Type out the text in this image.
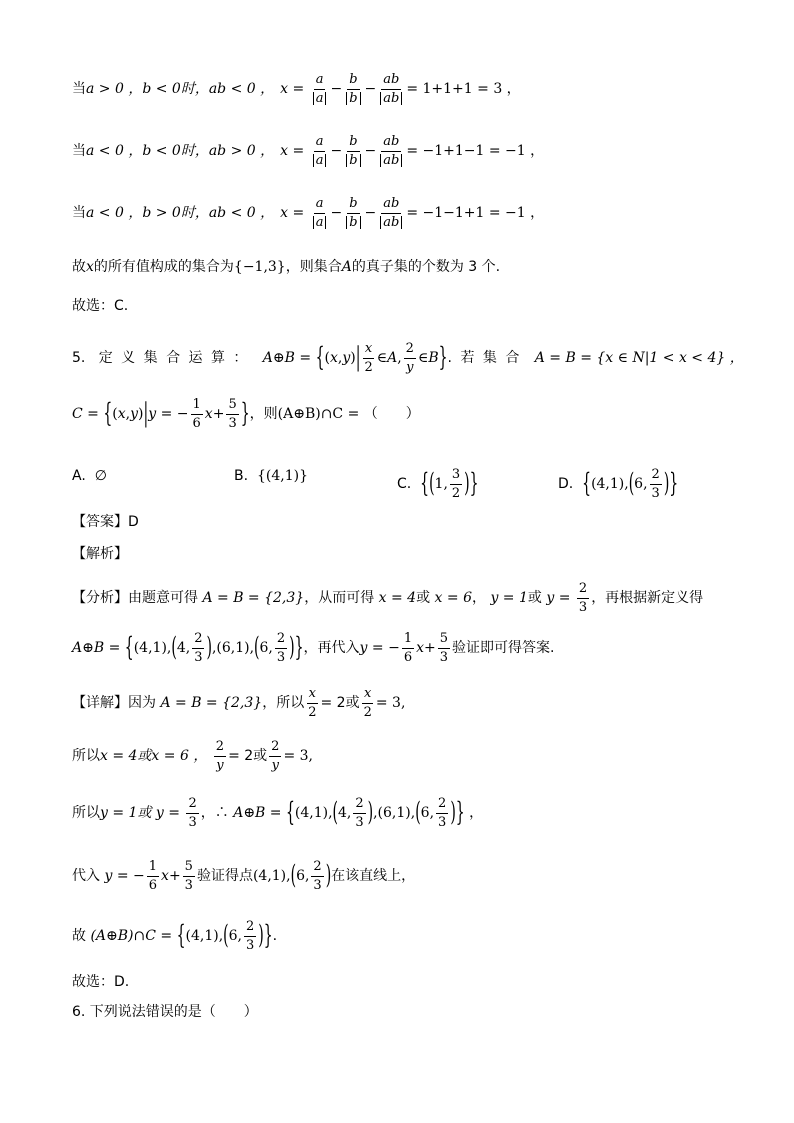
当 a > 0 ，b < 0时，ab < 0 ， $x = \frac{a}{a} - \frac{b}{b} - \frac{ab}{ab} = 1+1+1 = 3$ ，
当 a < 0 ，b < 0时，ab > 0 ， $x = \frac{a}{a} - \frac{b}{b} - \frac{ab}{ab} = -1+1-1 = -1$ ，
当 a < 0 ，b > 0时，ab < 0 ， $x = \frac{a}{a} - \frac{b}{b} - \frac{ab}{ab} = -1-1+1 = -1$ ，
故 x 的所有值构成的集合为 {−1,3} ，则集合 A 的真子集的个数为 3 个.
故选：C.
5.
定 义 集 合 运 算 ：
A ⊕ B = { ( x , y ) | $\frac{x}{2}$ ∈ A , $\frac{2}{y}$ ∈ B } . 若 集 合
A = B = {x ∈ N|1 < x < 4} ，
C = { ( x , y ) | y = − $\frac{1}{6}$ $x + \frac{5}{3}$ } ，则 (A⊕B)∩C = （　　）
A.
∅	B.
{(4,1)}
C.
{ ( 1, $\frac{3}{2}$ ) }	D.
{ (4,1), ( 6, $\frac{2}{3}$ ) }
【答案】 D
【解析】
【分析】 由题意可得
A = B = {2,3} ，从而可得
x = 4 或
x = 6 ，
y = 1 或
$y = \frac{2}{3}$ ，再根据新定义得
A ⊕ B = { (4,1), ( 4, $\frac{2}{3}$ ) ,(6,1), ( 6, $\frac{2}{3}$ ) } ，再代入 y = − $\frac{1}{6}$ $x + \frac{5}{3}$ 验证即可得答案.
【详解】 因为
A = B = {2,3} ，所以 $\frac{x}{2} = 2$或 $\frac{x}{2} = 3$,
所以 x = 4或x = 6 ，
$\frac{2}{y} = 2$或 $\frac{2}{y} = 3$,
所以 y = 1或
$y = \frac{2}{3}$ ，∴
A⊕B =
{ (4,1), ( 4, $\frac{2}{3}$ ) ,(6,1), ( 6, $\frac{2}{3}$ ) } ，
代入
y = − $\frac{1}{6}$ $x + \frac{5}{3}$ 验证得点 (4,1), ( 6, $\frac{2}{3}$ ) 在该直线上，
故
(A⊕B)∩C =
{ (4,1), ( 6, $\frac{2}{3}$ ) } .
故选：D.
6. 下列说法错误的是（　　）
